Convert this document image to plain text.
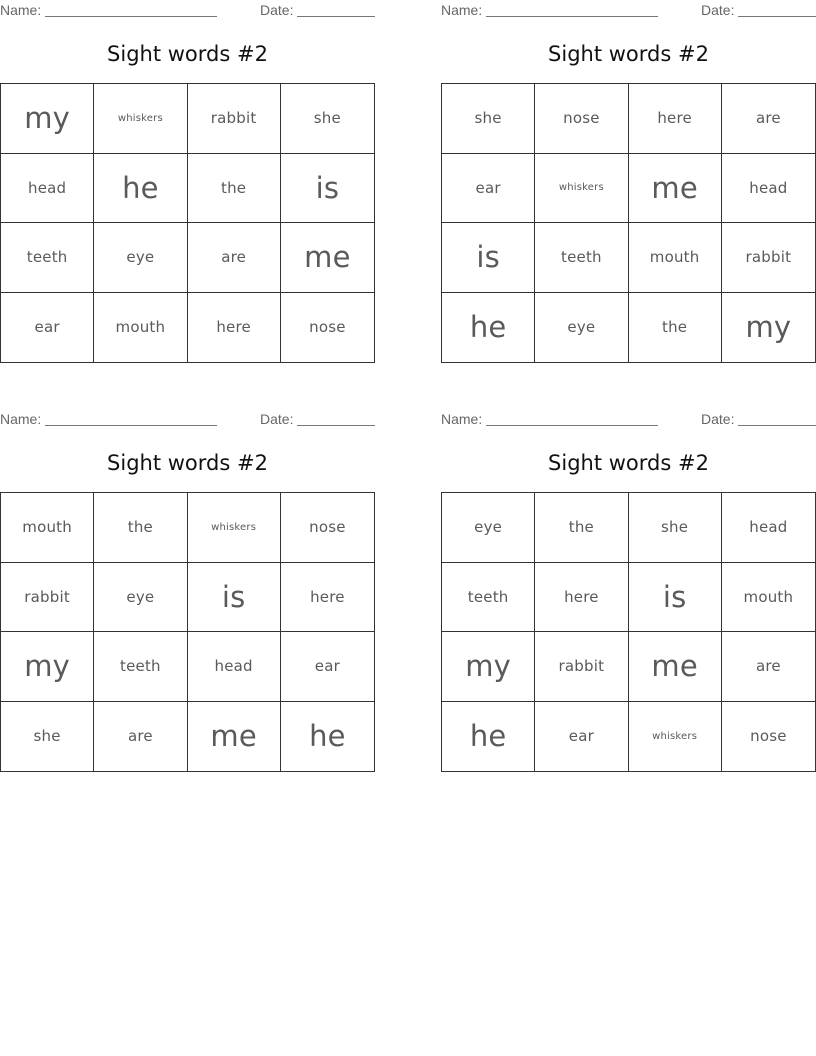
Name:	Date:
Sight words #2
my	whiskers	rabbit	she
head	he	the	is
teeth	eye	are	me
ear	mouth	here	nose
Name:	Date:
Sight words #2
she	nose	here	are
ear	whiskers	me	head
is	teeth	mouth	rabbit
he	eye	the	my
Name:	Date:
Sight words #2
mouth	the	whiskers	nose
rabbit	eye	is	here
my	teeth	head	ear
she	are	me	he
Name:	Date:
Sight words #2
eye	the	she	head
teeth	here	is	mouth
my	rabbit	me	are
he	ear	whiskers	nose
